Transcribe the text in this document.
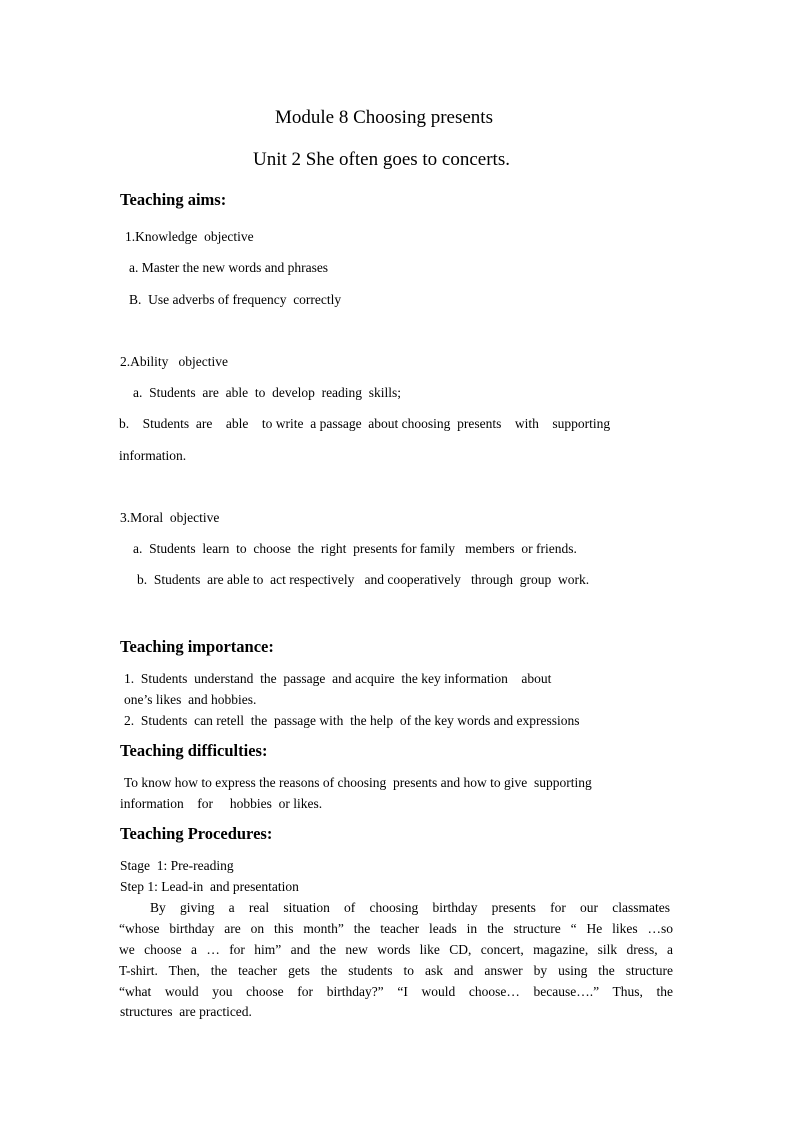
Module 8 Choosing presents
Unit 2 She often goes to concerts.
Teaching aims:
1.Knowledge  objective
a. Master the new words and phrases
B.  Use adverbs of frequency  correctly
2.Ability   objective
a.  Students  are  able  to  develop  reading  skills;
b.    Students  are    able    to write  a passage  about choosing  presents    with    supporting
information.
3.Moral  objective
a.  Students  learn  to  choose  the  right  presents for family   members  or friends.
b.  Students  are able to  act respectively   and cooperatively   through  group  work.
Teaching importance:
1.  Students  understand  the  passage  and acquire  the key information    about
one’s likes  and hobbies.
2.  Students  can retell  the  passage with  the help  of the key words and expressions
Teaching difficulties:
To know how to express the reasons of choosing  presents and how to give  supporting
information    for     hobbies  or likes.
Teaching Procedures:
Stage  1: Pre-reading
Step 1: Lead-in  and presentation
By giving a real situation of choosing birthday presents for our classmates
“whose birthday are on this month” the teacher leads in the structure “ He likes …so
we choose a … for him” and the new words like CD, concert, magazine, silk dress, a
T-shirt. Then, the teacher gets the students to ask and answer by using the structure
“what would you choose for birthday?” “I would choose… because….” Thus, the
structures  are practiced.
